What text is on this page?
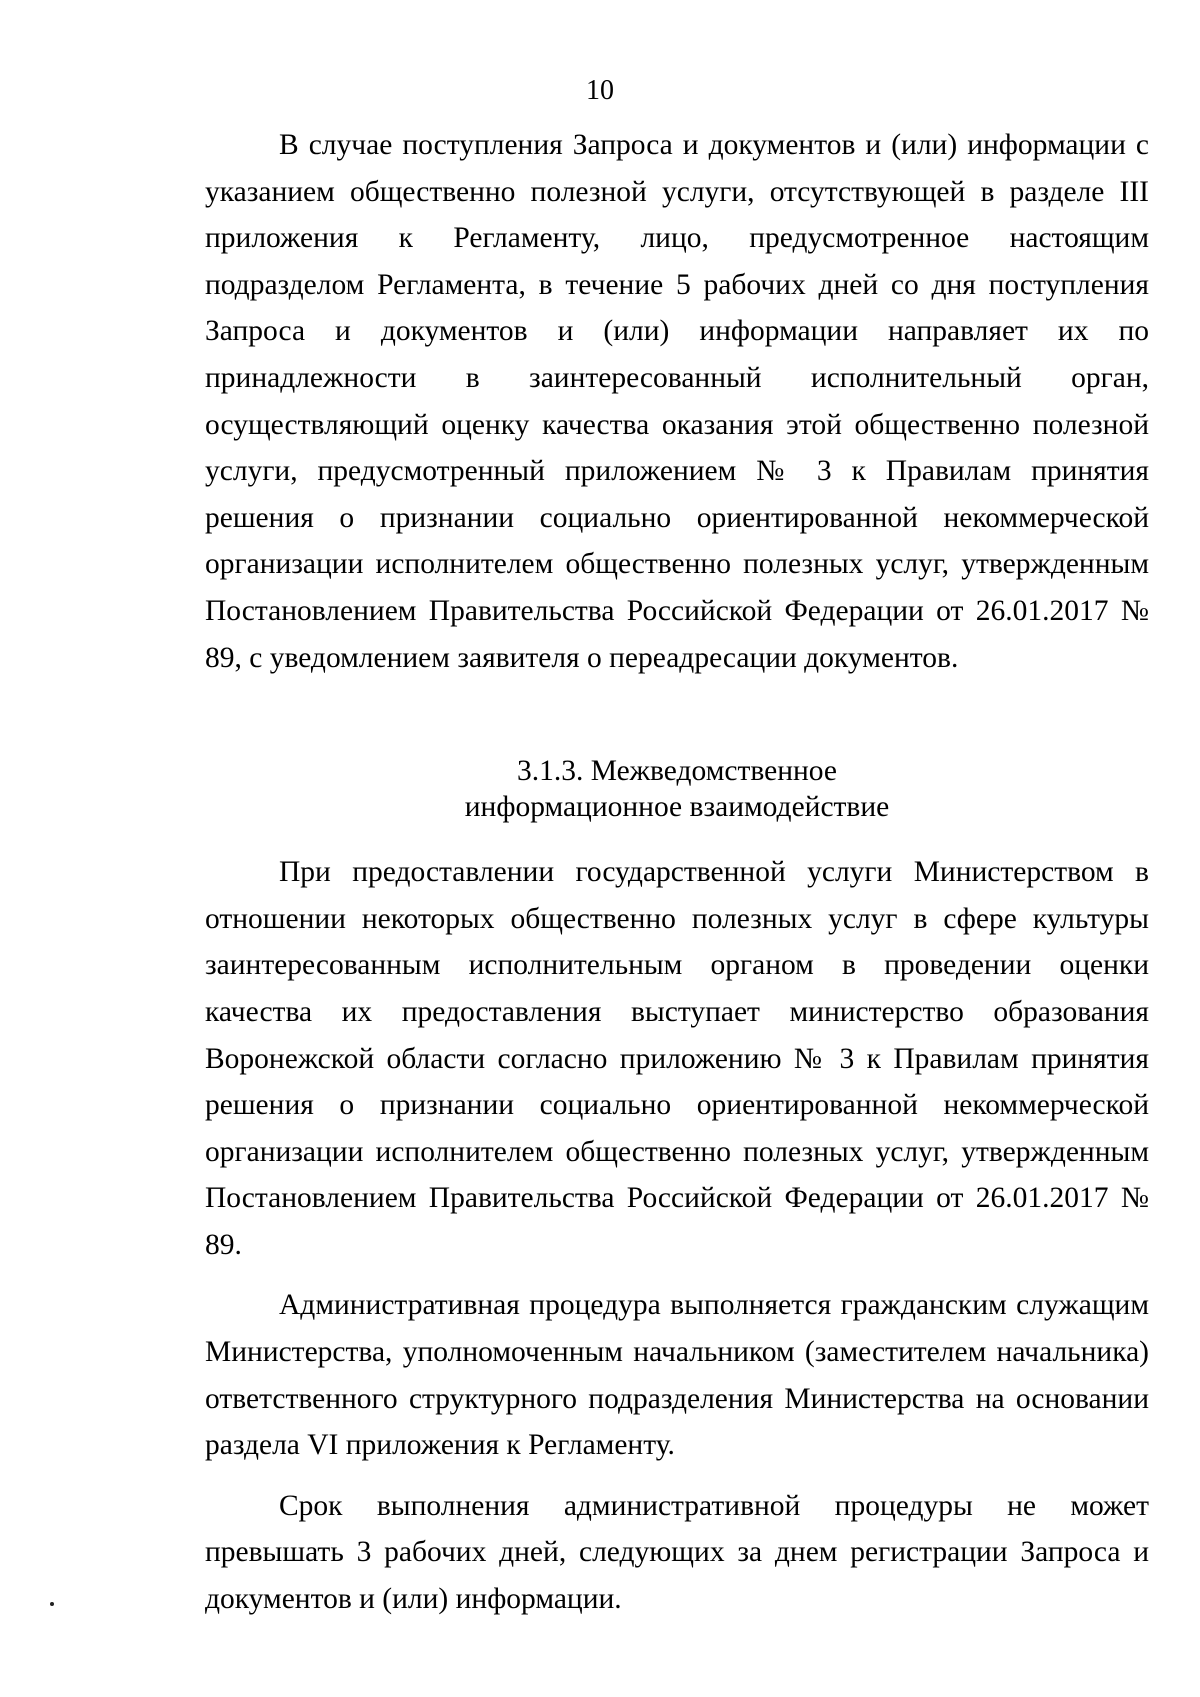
10

В случае поступления Запроса и документов и (или) информации с указанием общественно полезной услуги, отсутствующей в разделе III приложения к Регламенту, лицо, предусмотренное настоящим подразделом Регламента, в течение 5 рабочих дней со дня поступления Запроса и документов и (или) информации направляет их по принадлежности в заинтересованный исполнительный орган, осуществляющий оценку качества оказания этой общественно полезной услуги, предусмотренный приложением № 3 к Правилам принятия решения о признании социально ориентированной некоммерческой организации исполнителем общественно полезных услуг, утвержденным Постановлением Правительства Российской Федерации от 26.01.2017 № 89, с уведомлением заявителя о переадресации документов.

3.1.3. Межведомственное
информационное взаимодействие

При предоставлении государственной услуги Министерством в отношении некоторых общественно полезных услуг в сфере культуры заинтересованным исполнительным органом в проведении оценки качества их предоставления выступает министерство образования Воронежской области согласно приложению № 3 к Правилам принятия решения о признании социально ориентированной некоммерческой организации исполнителем общественно полезных услуг, утвержденным Постановлением Правительства Российской Федерации от 26.01.2017 № 89.

Административная процедура выполняется гражданским служащим Министерства, уполномоченным начальником (заместителем начальника) ответственного структурного подразделения Министерства на основании раздела VI приложения к Регламенту.

Срок выполнения административной процедуры не может превышать 3 рабочих дней, следующих за днем регистрации Запроса и документов и (или) информации.
